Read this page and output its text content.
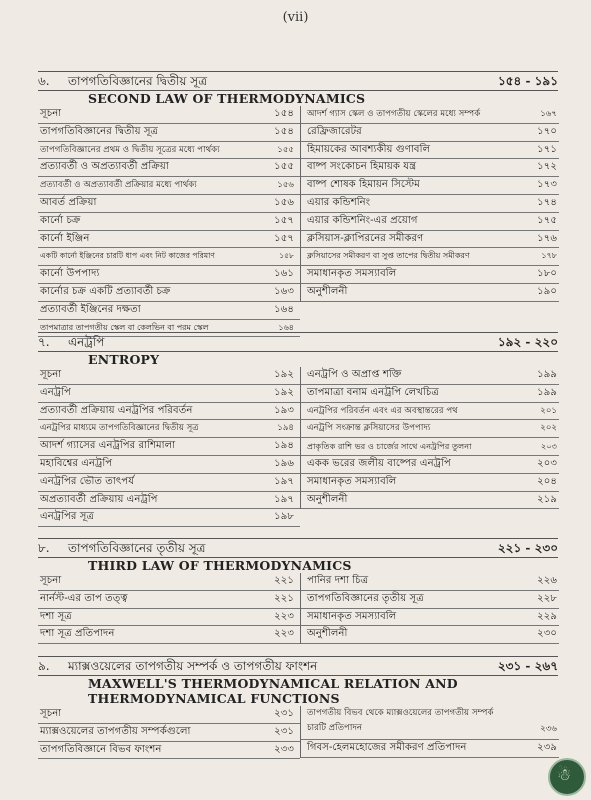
(vii)
৬. তাপগতিবিজ্ঞানের দ্বিতীয় সূত্র	১৫৪ - ১৯১
SECOND LAW OF THERMODYNAMICS
সূচনা	১৫৪
তাপগতিবিজ্ঞানের দ্বিতীয় সূত্র	১৫৪
তাপগতিবিজ্ঞানের প্রথম ও দ্বিতীয় সূত্রের মধ্যে পার্থক্য	১৫৫
প্রত্যাবর্তী ও অপ্রত্যাবর্তী প্রক্রিয়া	১৫৫
প্রত্যাবর্তী ও অপ্রত্যাবর্তী প্রক্রিয়ার মধ্যে পার্থক্য	১৫৬
আবর্ত প্রক্রিয়া	১৫৬
কার্নো চক্র	১৫৭
কার্নো ইঞ্জিন	১৫৭
একটি কার্নো ইঞ্জিনের চারটি ধাপ এবং নিট কাজের পরিমাণ	১৫৮
কার্নো উপপাদ্য	১৬১
কার্নোর চক্র একটি প্রত্যাবর্তী চক্র	১৬৩
প্রত্যাবর্তী ইঞ্জিনের দক্ষতা	১৬৪
তাপমাত্রার তাপগতীয় স্কেল বা কেলভিন বা পরম স্কেল	১৬৪
আদর্শ গ্যাস স্কেল ও তাপগতীয় স্কেলের মধ্যে সম্পর্ক	১৬৭
রেফ্রিজারেটর	১৭০
হিমায়কের আবশ্যকীয় গুণাবলি	১৭১
বাষ্প সংকোচন হিমায়ক যন্ত্র	১৭২
বাষ্প শোষক হিমায়ন সিস্টেম	১৭৩
এয়ার কন্ডিশনিং	১৭৪
এয়ার কন্ডিশনিং-এর প্রয়োগ	১৭৫
ক্লসিয়াস-ক্লাপিরনের সমীকরণ	১৭৬
ক্লসিয়াসের সমীকরণ বা সুপ্ত তাপের দ্বিতীয় সমীকরণ	১৭৮
সমাধানকৃত সমস্যাবলি	১৮০
অনুশীলনী	১৯০
৭. এনট্রপি	১৯২ - ২২০
ENTROPY
সূচনা	১৯২
এনট্রপি	১৯২
প্রত্যাবর্তী প্রক্রিয়ায় এনট্রপির পরিবর্তন	১৯৩
এনট্রপির মাধ্যমে তাপগতিবিজ্ঞানের দ্বিতীয় সূত্র	১৯৪
আদর্শ গ্যাসের এনট্রপির রাশিমালা	১৯৪
মহাবিশ্বের এনট্রপি	১৯৬
এনট্রপির ভৌত তাৎপর্য	১৯৭
অপ্রত্যাবর্তী প্রক্রিয়ায় এনট্রপি	১৯৭
এনট্রপির সূত্র	১৯৮
এনট্রপি ও অপ্রাপ্ত শক্তি	১৯৯
তাপমাত্রা বনাম এনট্রপি লেখচিত্র	১৯৯
এনট্রপির পরিবর্তন এবং এর অবস্থান্তরের পথ	২০১
এনট্রপি সংক্রান্ত ক্লসিয়াসের উপপাদ্য	২০২
প্রাকৃতিক রাশি ভর ও চার্জের সাথে এনট্রপির তুলনা	২০৩
একক ভরের জলীয় বাষ্পের এনট্রপি	২০৩
সমাধানকৃত সমস্যাবলি	২০৪
অনুশীলনী	২১৯
৮. তাপগতিবিজ্ঞানের তৃতীয় সূত্র	২২১ - ২৩০
THIRD LAW OF THERMODYNAMICS
সূচনা	২২১
নার্নস্ট-এর তাপ তত্ত্ব	২২১
দশা সূত্র	২২৩
দশা সূত্র প্রতিপাদন	২২৩
পানির দশা চিত্র	২২৬
তাপগতিবিজ্ঞানের তৃতীয় সূত্র	২২৮
সমাধানকৃত সমস্যাবলি	২২৯
অনুশীলনী	২৩০
৯. ম্যাক্সওয়েলের তাপগতীয় সম্পর্ক ও তাপগতীয় ফাংশন	২৩১ - ২৬৭
MAXWELL'S THERMODYNAMICAL RELATION AND THERMODYNAMICAL FUNCTIONS
সূচনা	২৩১
ম্যাক্সওয়েলের তাপগতীয় সম্পর্কগুলো	২৩১
তাপগতিবিজ্ঞানে বিভব ফাংশন	২৩৩
তাপগতীয় বিভব থেকে ম্যাক্সওয়েলের তাপগতীয় সম্পর্ক চারটি প্রতিপাদন	২৩৬
গিবস-হেলমহোজের সমীকরণ প্রতিপাদন	২৩৯
☃
